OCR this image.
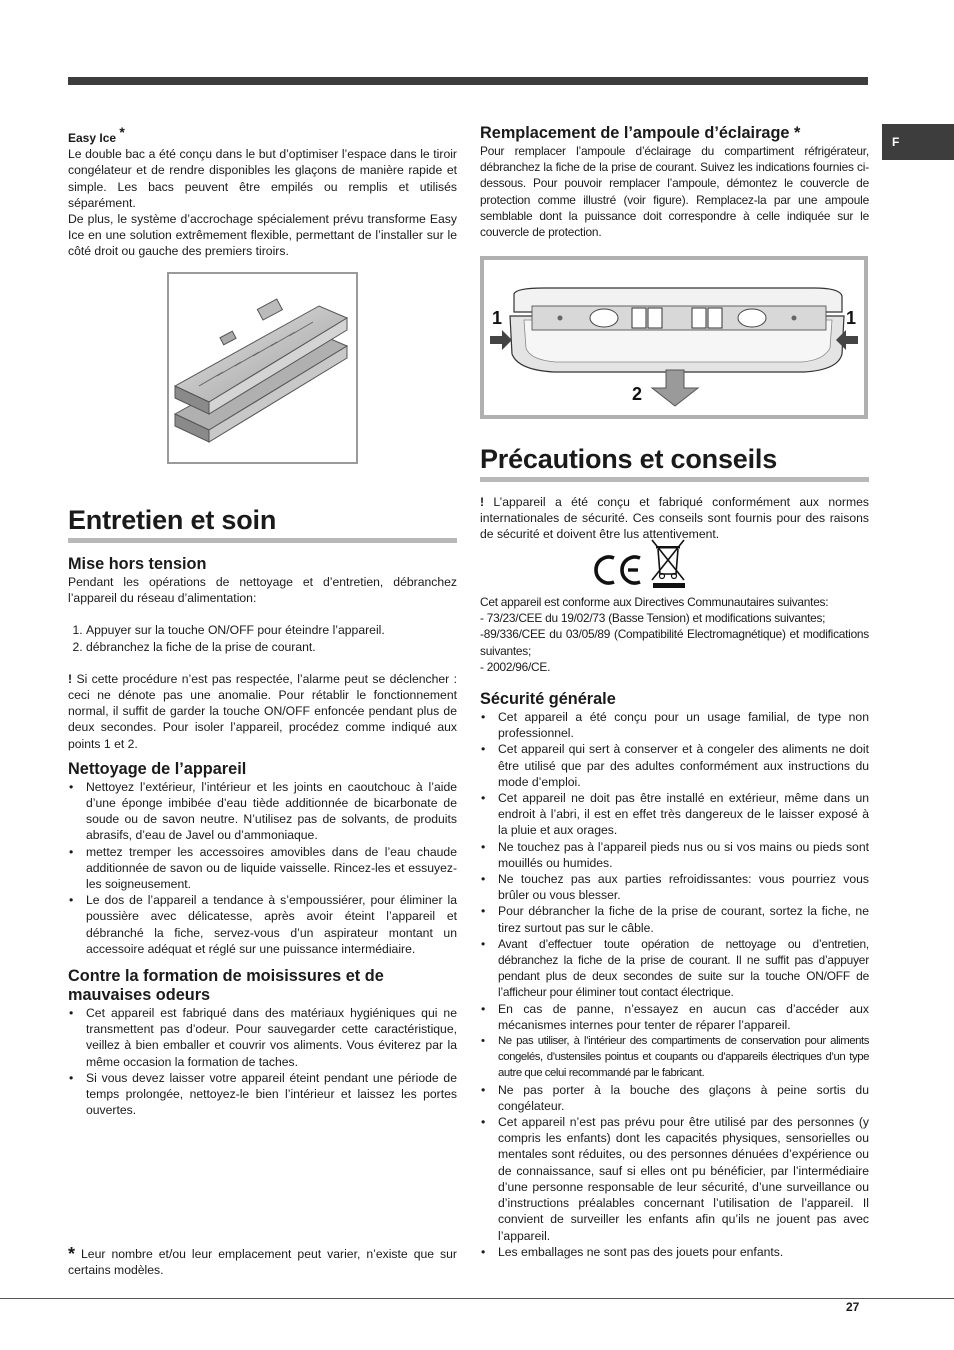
F
Easy Ice *

Le double bac a été conçu dans le but d’optimiser l’espace dans le tiroir congélateur et de rendre disponibles les glaçons de manière rapide et simple. Les bacs peuvent être empilés ou remplis et utilisés séparément.

De plus, le système d’accrochage spécialement prévu transforme Easy Ice en une solution extrêmement flexible, permettant de l’installer sur le côté droit ou gauche des premiers tiroirs.

Entretien et soin
Mise hors tension

Pendant les opérations de nettoyage et d’entretien, débranchez l’appareil du réseau d’alimentation:

1. Appuyer sur la touche ON/OFF pour éteindre l’appareil.
2. débranchez la fiche de la prise de courant.

! Si cette procédure n’est pas respectée, l’alarme peut se déclencher : ceci ne dénote pas une anomalie. Pour rétablir le fonctionnement normal, il suffit de garder la touche ON/OFF enfoncée pendant plus de deux secondes. Pour isoler l’appareil, procédez comme indiqué aux points 1 et 2.

Nettoyage de l’appareil
• Nettoyez l’extérieur, l’intérieur et les joints en caoutchouc à l’aide d’une éponge imbibée d’eau tiède additionnée de bicarbonate de soude ou de savon neutre. N’utilisez pas de solvants, de produits abrasifs, d’eau de Javel ou d’ammoniaque.
• mettez tremper les accessoires amovibles dans de l’eau chaude additionnée de savon ou de liquide vaisselle. Rincez-les et essuyez-les soigneusement.
• Le dos de l’appareil a tendance à s’empoussiérer, pour éliminer la poussière avec délicatesse, après avoir éteint l’appareil et débranché la fiche, servez-vous d’un aspirateur montant un accessoire adéquat et réglé sur une puissance intermédiaire.
Contre la formation de moisissures et de mauvaises odeurs
• Cet appareil est fabriqué dans des matériaux hygiéniques qui ne transmettent pas d’odeur. Pour sauvegarder cette caractéristique, veillez à bien emballer et couvrir vos aliments. Vous éviterez par la même occasion la formation de taches.
• Si vous devez laisser votre appareil éteint pendant une période de temps prolongée, nettoyez-le bien l’intérieur et laissez les portes ouvertes.

* Leur nombre et/ou leur emplacement peut varier, n’existe que sur certains modèles.

Remplacement de l’ampoule d’éclairage *

Pour remplacer l’ampoule d’éclairage du compartiment réfrigérateur, débranchez la fiche de la prise de courant. Suivez les indications fournies ci-dessous. Pour pouvoir remplacer l’ampoule, démontez le couvercle de protection comme illustré (voir figure). Remplacez-la par une ampoule semblable dont la puissance doit correspondre à celle indiquée sur le couvercle de protection.

1	1
2
Précautions et conseils

! L’appareil a été conçu et fabriqué conformément aux normes internationales de sécurité. Ces conseils sont fournis pour des raisons de sécurité et doivent être lus attentivement.

Cet appareil est conforme aux Directives Communautaires suivantes:

- 73/23/CEE du 19/02/73 (Basse Tension) et modifications suivantes;

-89/336/CEE du 03/05/89 (Compatibilité Electromagnétique) et modifications suivantes;

- 2002/96/CE.

Sécurité générale
• Cet appareil a été conçu pour un usage familial, de type non professionnel.
• Cet appareil qui sert à conserver et à congeler des aliments ne doit être utilisé que par des adultes conformément aux instructions du mode d’emploi.
• Cet appareil ne doit pas être installé en extérieur, même dans un endroit à l’abri, il est en effet très dangereux de le laisser exposé à la pluie et aux orages.
• Ne touchez pas à l’appareil pieds nus ou si vos mains ou pieds sont mouillés ou humides.
• Ne touchez pas aux parties refroidissantes: vous pourriez vous brûler ou vous blesser.
• Pour débrancher la fiche de la prise de courant, sortez la fiche, ne tirez surtout pas sur le câble.
• Avant d’effectuer toute opération de nettoyage ou d’entretien, débranchez la fiche de la prise de courant. Il ne suffit pas d’appuyer pendant plus de deux secondes de suite sur la touche ON/OFF de l’afficheur pour éliminer tout contact électrique.
• En cas de panne, n’essayez en aucun cas d’accéder aux mécanismes internes pour tenter de réparer l’appareil.
• Ne pas utiliser, à l’intérieur des compartiments de conservation pour aliments congelés, d’ustensiles pointus et coupants ou d’appareils électriques d’un type autre que celui recommandé par le fabricant.
• Ne pas porter à la bouche des glaçons à peine sortis du congélateur.
• Cet appareil n’est pas prévu pour être utilisé par des personnes (y compris les enfants) dont les capacités physiques, sensorielles ou mentales sont réduites, ou des personnes dénuées d’expérience ou de connaissance, sauf si elles ont pu bénéficier, par l’intermédiaire d’une personne responsable de leur sécurité, d’une surveillance ou d’instructions préalables concernant l’utilisation de l’appareil. Il convient de surveiller les enfants afin qu’ils ne jouent pas avec l’appareil.
• Les emballages ne sont pas des jouets pour enfants.
27
